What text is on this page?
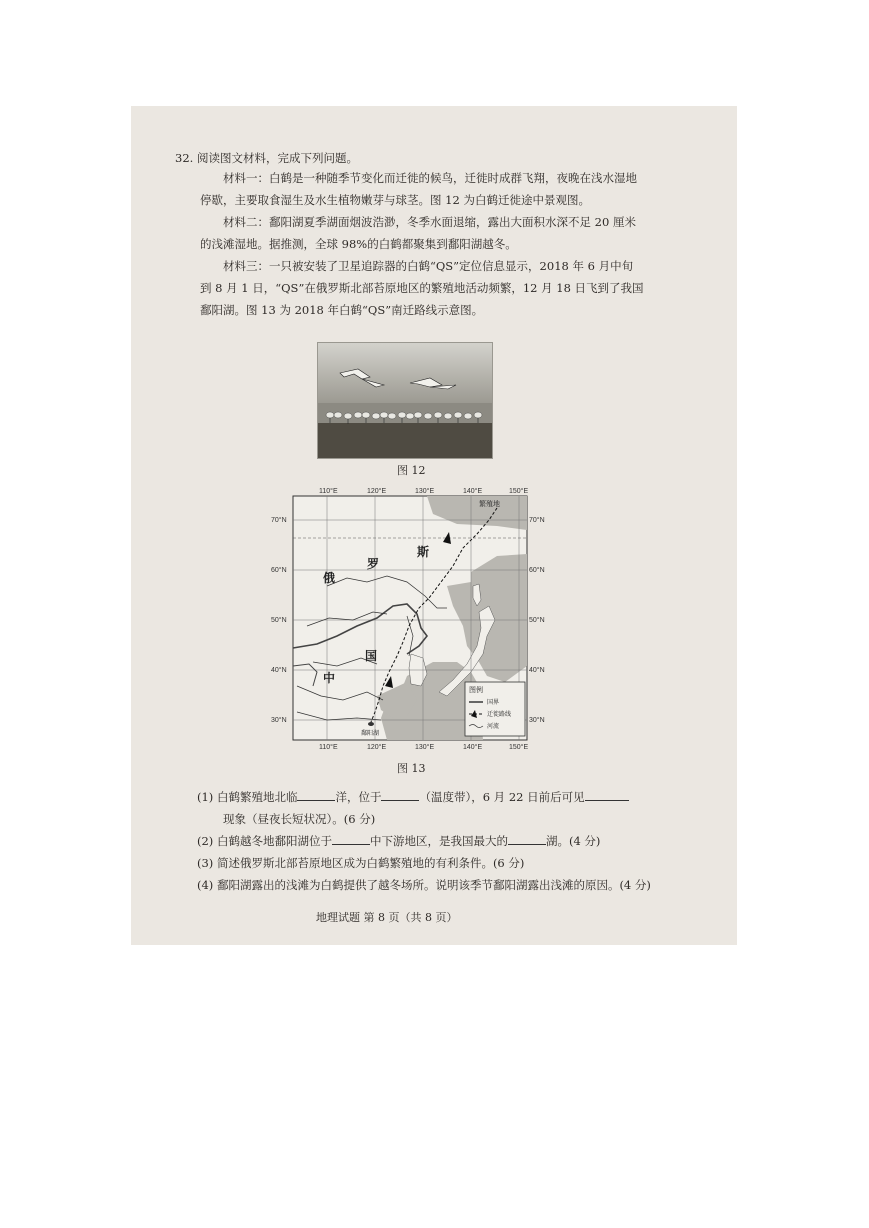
32. 阅读图文材料，完成下列问题。
材料一：白鹤是一种随季节变化而迁徙的候鸟，迁徙时成群飞翔，夜晚在浅水湿地
停歇，主要取食湿生及水生植物嫩芽与球茎。图 12 为白鹤迁徙途中景观图。
材料二：鄱阳湖夏季湖面烟波浩渺，冬季水面退缩，露出大面积水深不足 20 厘米
的浅滩湿地。据推测，全球 98%的白鹤都聚集到鄱阳湖越冬。
材料三：一只被安装了卫星追踪器的白鹤“QS”定位信息显示，2018 年 6 月中旬
到 8 月 1 日，“QS”在俄罗斯北部苔原地区的繁殖地活动频繁，12 月 18 日飞到了我国
鄱阳湖。图 13 为 2018 年白鹤“QS”南迁路线示意图。
图 12
110°E	120°E	130°E	140°E	150°E
110°E	120°E	130°E	140°E	150°E
70°N
60°N
50°N
40°N
30°N
70°N
60°N
50°N
40°N
30°N
繁殖地
鄱阳湖
俄
罗
斯
中
国
图例
国界
迁徙路线
河流
图 13
(1) 白鹤繁殖地北临	洋，位于	（温度带），6 月 22 日前后可见
现象（昼夜长短状况）。(6 分)
(2) 白鹤越冬地鄱阳湖位于	中下游地区，是我国最大的	湖。(4 分)
(3) 简述俄罗斯北部苔原地区成为白鹤繁殖地的有利条件。(6 分)
(4) 鄱阳湖露出的浅滩为白鹤提供了越冬场所。说明该季节鄱阳湖露出浅滩的原因。(4 分)
地理试题 第 8 页（共 8 页）
